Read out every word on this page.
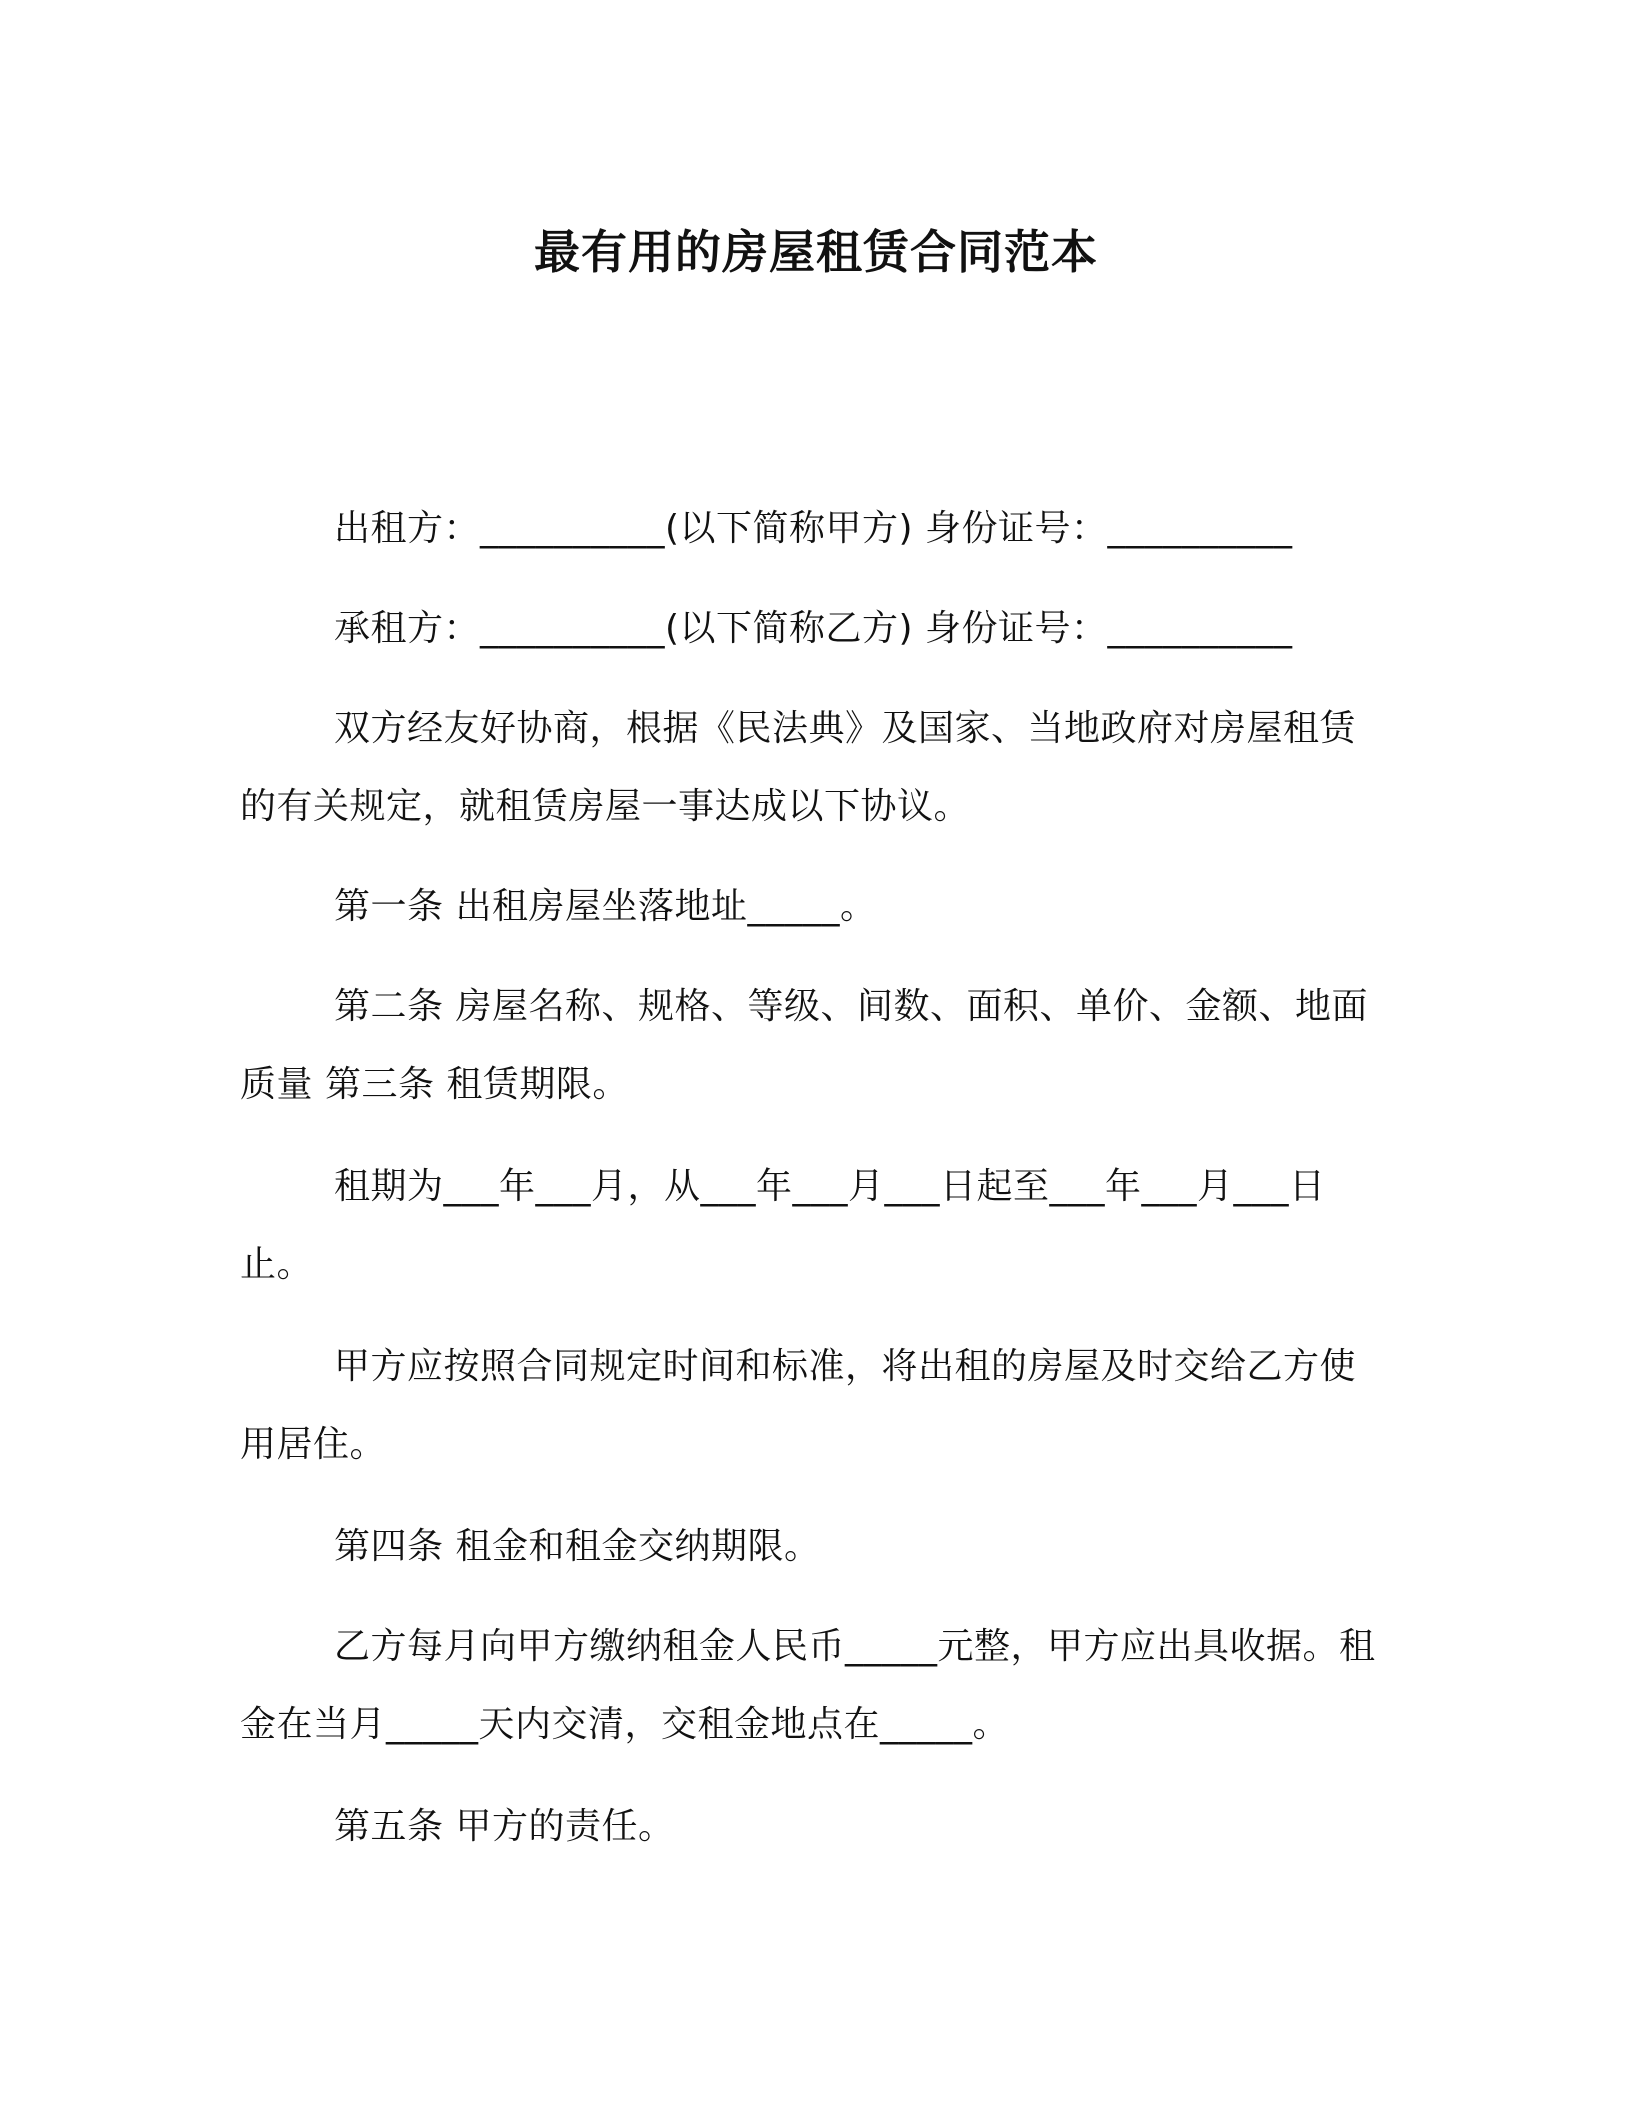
最有用的房屋租赁合同范本
出租方：__________(以下简称甲方) 身份证号：__________
承租方：__________(以下简称乙方) 身份证号：__________
双方经友好协商，根据《民法典》及国家、当地政府对房屋租赁的有关规定，就租赁房屋一事达成以下协议。
第一条 出租房屋坐落地址_____。
第二条 房屋名称、规格、等级、间数、面积、单价、金额、地面质量 第三条 租赁期限。
租期为___年___月，从___年___月___日起至___年___月___日止。
甲方应按照合同规定时间和标准，将出租的房屋及时交给乙方使用居住。
第四条 租金和租金交纳期限。
乙方每月向甲方缴纳租金人民币_____元整，甲方应出具收据。租金在当月_____天内交清，交租金地点在_____。
第五条 甲方的责任。
